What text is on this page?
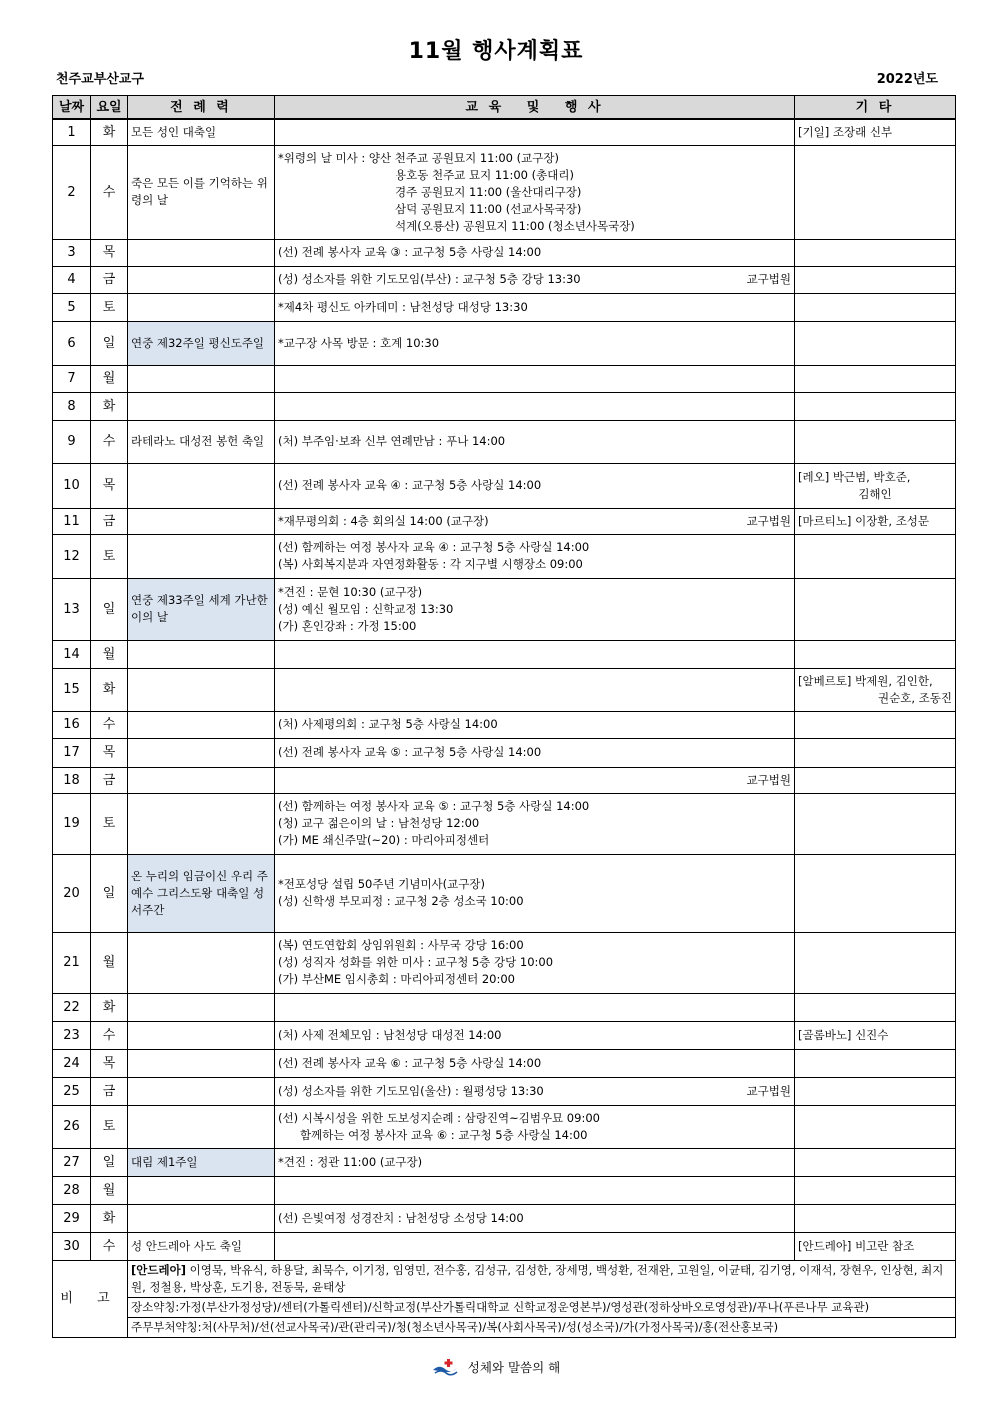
11월 행사계획표
천주교부산교구	2022년도
날짜	요일	전 례 력	교 육   및   행 사	기 타
1	화	모든 성인 대축일		[기일] 조장래 신부

2	수	죽은 모든 이를 기억하는 위령의 날	*위령의 날 미사 : 양산 천주교 공원묘지 11:00 (교구장)
용호동 천주교 묘지 11:00 (총대리)
경주 공원묘지 11:00 (울산대리구장)
삼덕 공원묘지 11:00 (선교사목국장)
석계(오룡산) 공원묘지 11:00 (청소년사목국장)	

3	목		(선) 전례 봉사자 교육 ③ : 교구청 5층 사랑실 14:00	

4	금		(성) 성소자를 위한 기도모임(부산) : 교구청 5층 강당 13:30 교구법원	

5	토		*제4차 평신도 아카데미 : 남천성당 대성당 13:30	

6	일	연중 제32주일 평신도주일	*교구장 사목 방문 : 호계 10:30	

7	월			
8	화			
9	수	라테라노 대성전 봉헌 축일	(처) 부주임·보좌 신부 연례만남 : 푸나 14:00	

10	목		(선) 전례 봉사자 교육 ④ : 교구청 5층 사랑실 14:00	[레오] 박근범, 박호준,
김해인

11	금		*재무평의회 : 4층 회의실 14:00 (교구장) 교구법원	[마르티노] 이장환, 조성문

12	토		(선) 함께하는 여정 봉사자 교육 ④ : 교구청 5층 사랑실 14:00
(복) 사회복지분과 자연정화활동 : 각 지구별 시행장소 09:00	

13	일	연중 제33주일 세계 가난한 이의 날	*견진 : 문현 10:30 (교구장)
(성) 예신 월모임 : 신학교정 13:30
(가) 혼인강좌 : 가정 15:00	

14	월			
15	화			[알베르토] 박제원, 김인한,
권순호, 조동진

16	수		(처) 사제평의회 : 교구청 5층 사랑실 14:00	

17	목		(선) 전례 봉사자 교육 ⑤ : 교구청 5층 사랑실 14:00	

18	금		교구법원	
19	토		(선) 함께하는 여정 봉사자 교육 ⑤ : 교구청 5층 사랑실 14:00
(청) 교구 젊은이의 날 : 남천성당 12:00
(가) ME 쇄신주말(~20) : 마리아피정센터	

20	일	온 누리의 임금이신 우리 주 예수 그리스도왕 대축일 성서주간	*전포성당 설립 50주년 기념미사(교구장)
(성) 신학생 부모피정 : 교구청 2층 성소국 10:00	

21	월		(복) 연도연합회 상임위원회 : 사무국 강당 16:00
(성) 성직자 성화를 위한 미사 : 교구청 5층 강당 10:00
(가) 부산ME 임시총회 : 마리아피정센터 20:00	

22	화			
23	수		(처) 사제 전체모임 : 남천성당 대성전 14:00	[골롬바노] 신진수

24	목		(선) 전례 봉사자 교육 ⑥ : 교구청 5층 사랑실 14:00	

25	금		(성) 성소자를 위한 기도모임(울산) : 월평성당 13:30 교구법원	

26	토		(선) 시복시성을 위한 도보성지순례 : 삼랑진역~김범우묘 09:00
함께하는 여정 봉사자 교육 ⑥ : 교구청 5층 사랑실 14:00	

27	일	대림 제1주일	*견진 : 정관 11:00 (교구장)	

28	월			
29	화		(선) 은빛여정 성경잔치 : 남천성당 소성당 14:00	

30	수	성 안드레아 사도 축일		[안드레아] 비고란 참조

비 고		[안드레아] 이영묵, 박유식, 하용달, 최묵수, 이기정, 임영민, 전수홍, 김성규, 김성한, 장세명, 백성환, 전재완, 고원일, 이균태, 김기영, 이재석, 장현우, 인상현, 최지원, 정철용, 박상훈, 도기용, 전동묵, 윤태상		
		장소약칭:가정(부산가정성당)/센터(가톨릭센터)/신학교정(부산가톨릭대학교 신학교정운영본부)/영성관(정하상바오로영성관)/푸나(푸른나무 교육관)		
		주무부처약칭:처(사무처)/선(선교사목국)/관(관리국)/청(청소년사목국)/복(사회사목국)/성(성소국)/가(가정사목국)/홍(전산홍보국)		
성체와 말씀의 해
